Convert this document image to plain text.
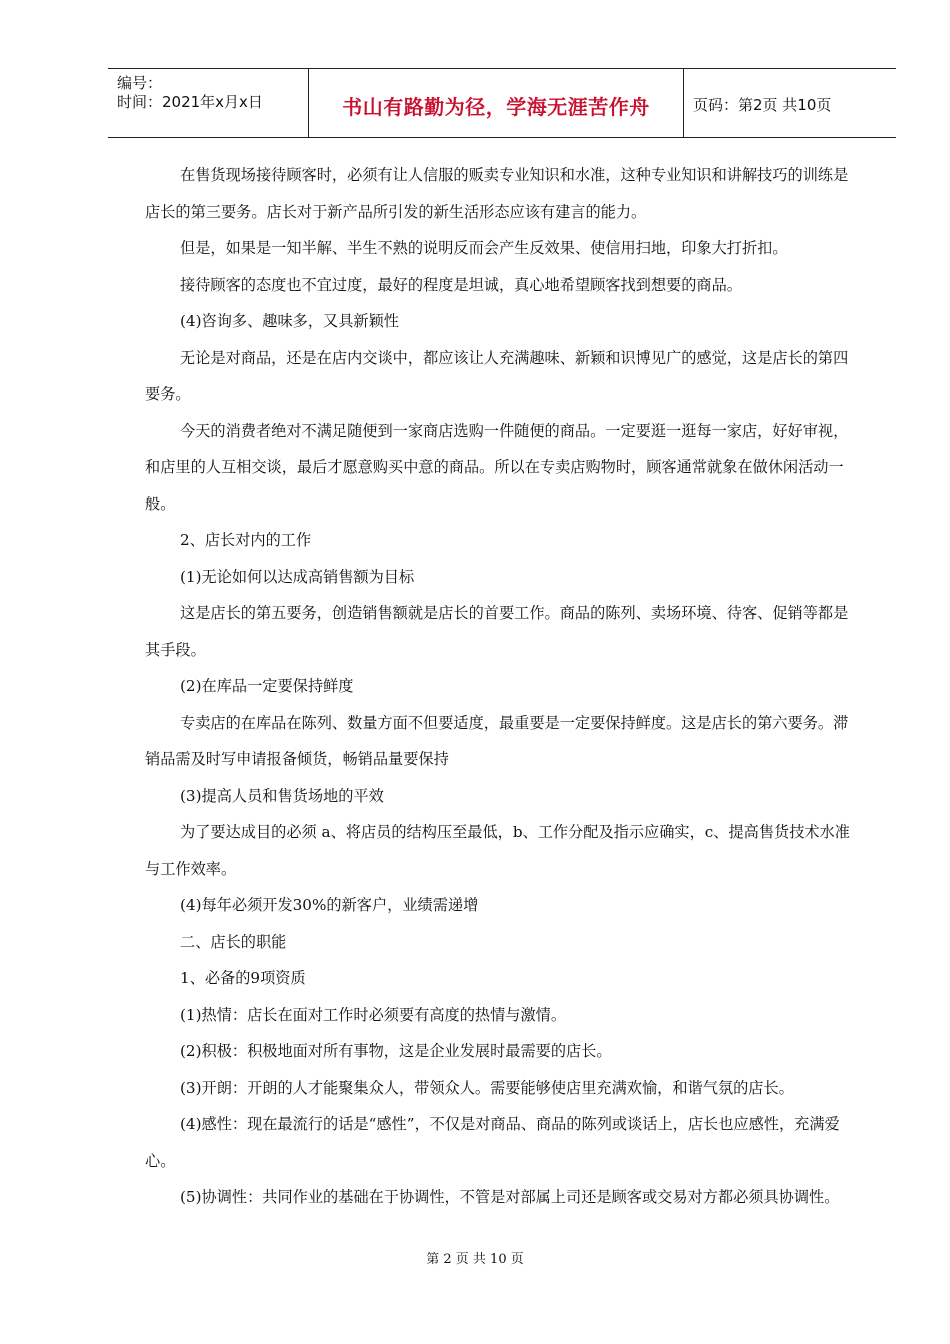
编号：
时间：2021年x月x日	书山有路勤为径，学海无涯苦作舟	页码：第2页 共10页

在售货现场接待顾客时，必须有让人信服的贩卖专业知识和水准，这种专业知识和讲解技巧的训练是店长的第三要务。店长对于新产品所引发的新生活形态应该有建言的能力。

但是，如果是一知半解、半生不熟的说明反而会产生反效果、使信用扫地，印象大打折扣。

接待顾客的态度也不宜过度，最好的程度是坦诚，真心地希望顾客找到想要的商品。

(4)咨询多、趣味多，又具新颖性

无论是对商品，还是在店内交谈中，都应该让人充满趣味、新颖和识博见广的感觉，这是店长的第四要务。

今天的消费者绝对不满足随便到一家商店选购一件随便的商品。一定要逛一逛每一家店，好好审视，和店里的人互相交谈，最后才愿意购买中意的商品。所以在专卖店购物时，顾客通常就象在做休闲活动一般。

2、店长对内的工作

(1)无论如何以达成高销售额为目标

这是店长的第五要务，创造销售额就是店长的首要工作。商品的陈列、卖场环境、待客、促销等都是其手段。

(2)在库品一定要保持鲜度

专卖店的在库品在陈列、数量方面不但要适度，最重要是一定要保持鲜度。这是店长的第六要务。滞销品需及时写申请报备倾货，畅销品量要保持

(3)提高人员和售货场地的平效

为了要达成目的必须 a、将店员的结构压至最低，b、工作分配及指示应确实，c、提高售货技术水准与工作效率。

(4)每年必须开发30%的新客户，业绩需递增

二、店长的职能

1、必备的9项资质

(1)热情：店长在面对工作时必须要有高度的热情与激情。

(2)积极：积极地面对所有事物，这是企业发展时最需要的店长。

(3)开朗：开朗的人才能聚集众人，带领众人。需要能够使店里充满欢愉，和谐气氛的店长。

(4)感性：现在最流行的话是“感性”，不仅是对商品、商品的陈列或谈话上，店长也应感性，充满爱心。

(5)协调性：共同作业的基础在于协调性，不管是对部属上司还是顾客或交易对方都必须具协调性。

第 2 页 共 10 页
